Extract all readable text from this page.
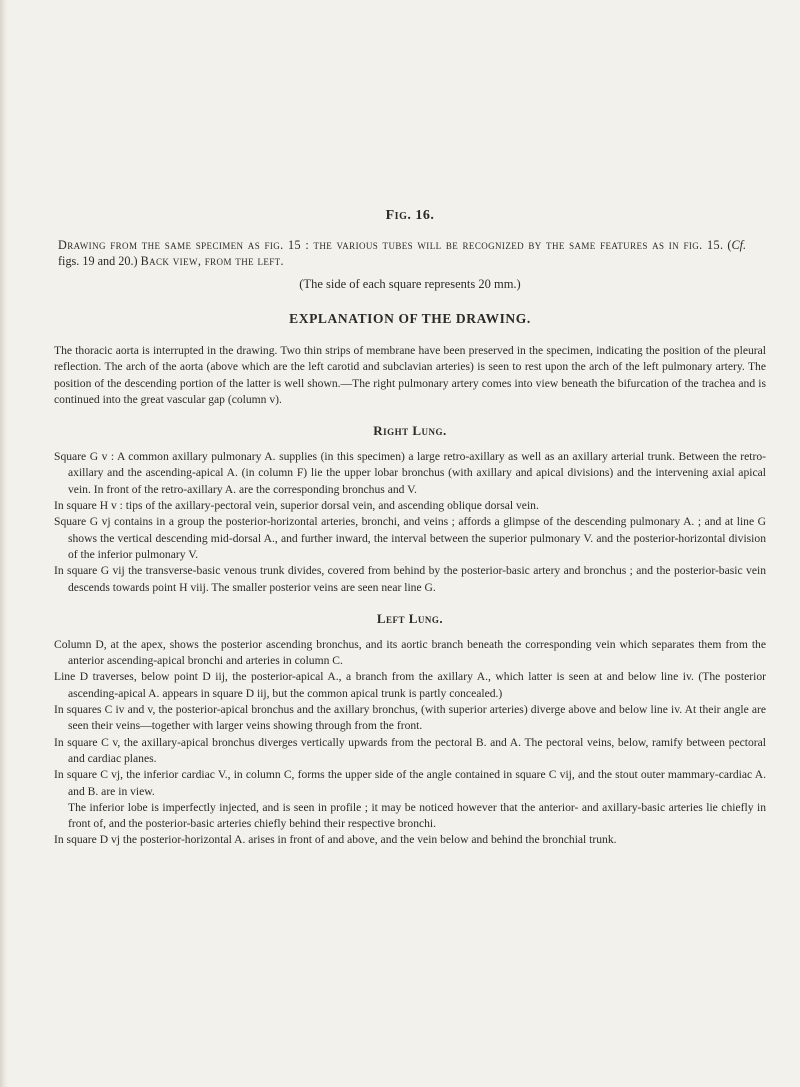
Fig. 16.

Drawing from the same specimen as fig. 15 : the various tubes will be recognized by the same features as in fig. 15. (Cf. figs. 19 and 20.) Back view, from the left.

(The side of each square represents 20 mm.)

EXPLANATION OF THE DRAWING.

The thoracic aorta is interrupted in the drawing. Two thin strips of membrane have been preserved in the specimen, indicating the position of the pleural reflection. The arch of the aorta (above which are the left carotid and subclavian arteries) is seen to rest upon the arch of the left pulmonary artery. The position of the descending portion of the latter is well shown.—The right pulmonary artery comes into view beneath the bifurcation of the trachea and is continued into the great vascular gap (column v).

Right Lung.

Square G v : A common axillary pulmonary A. supplies (in this specimen) a large retro-axillary as well as an axillary arterial trunk. Between the retro-axillary and the ascending-apical A. (in column F) lie the upper lobar bronchus (with axillary and apical divisions) and the intervening axial apical vein. In front of the retro-axillary A. are the corresponding bronchus and V.

In square H v : tips of the axillary-pectoral vein, superior dorsal vein, and ascending oblique dorsal vein.

Square G vj contains in a group the posterior-horizontal arteries, bronchi, and veins ; affords a glimpse of the descending pulmonary A. ; and at line G shows the vertical descending mid-dorsal A., and further inward, the interval between the superior pulmonary V. and the posterior-horizontal division of the inferior pulmonary V.

In square G vij the transverse-basic venous trunk divides, covered from behind by the posterior-basic artery and bronchus ; and the posterior-basic vein descends towards point H viij. The smaller posterior veins are seen near line G.

Left Lung.

Column D, at the apex, shows the posterior ascending bronchus, and its aortic branch beneath the corresponding vein which separates them from the anterior ascending-apical bronchi and arteries in column C.

Line D traverses, below point D iij, the posterior-apical A., a branch from the axillary A., which latter is seen at and below line iv. (The posterior ascending-apical A. appears in square D iij, but the common apical trunk is partly concealed.)

In squares C iv and v, the posterior-apical bronchus and the axillary bronchus, (with superior arteries) diverge above and below line iv. At their angle are seen their veins—together with larger veins showing through from the front.

In square C v, the axillary-apical bronchus diverges vertically upwards from the pectoral B. and A. The pectoral veins, below, ramify between pectoral and cardiac planes.

In square C vj, the inferior cardiac V., in column C, forms the upper side of the angle contained in square C vij, and the stout outer mammary-cardiac A. and B. are in view.

The inferior lobe is imperfectly injected, and is seen in profile ; it may be noticed however that the anterior- and axillary-basic arteries lie chiefly in front of, and the posterior-basic arteries chiefly behind their respective bronchi.

In square D vj the posterior-horizontal A. arises in front of and above, and the vein below and behind the bronchial trunk.
